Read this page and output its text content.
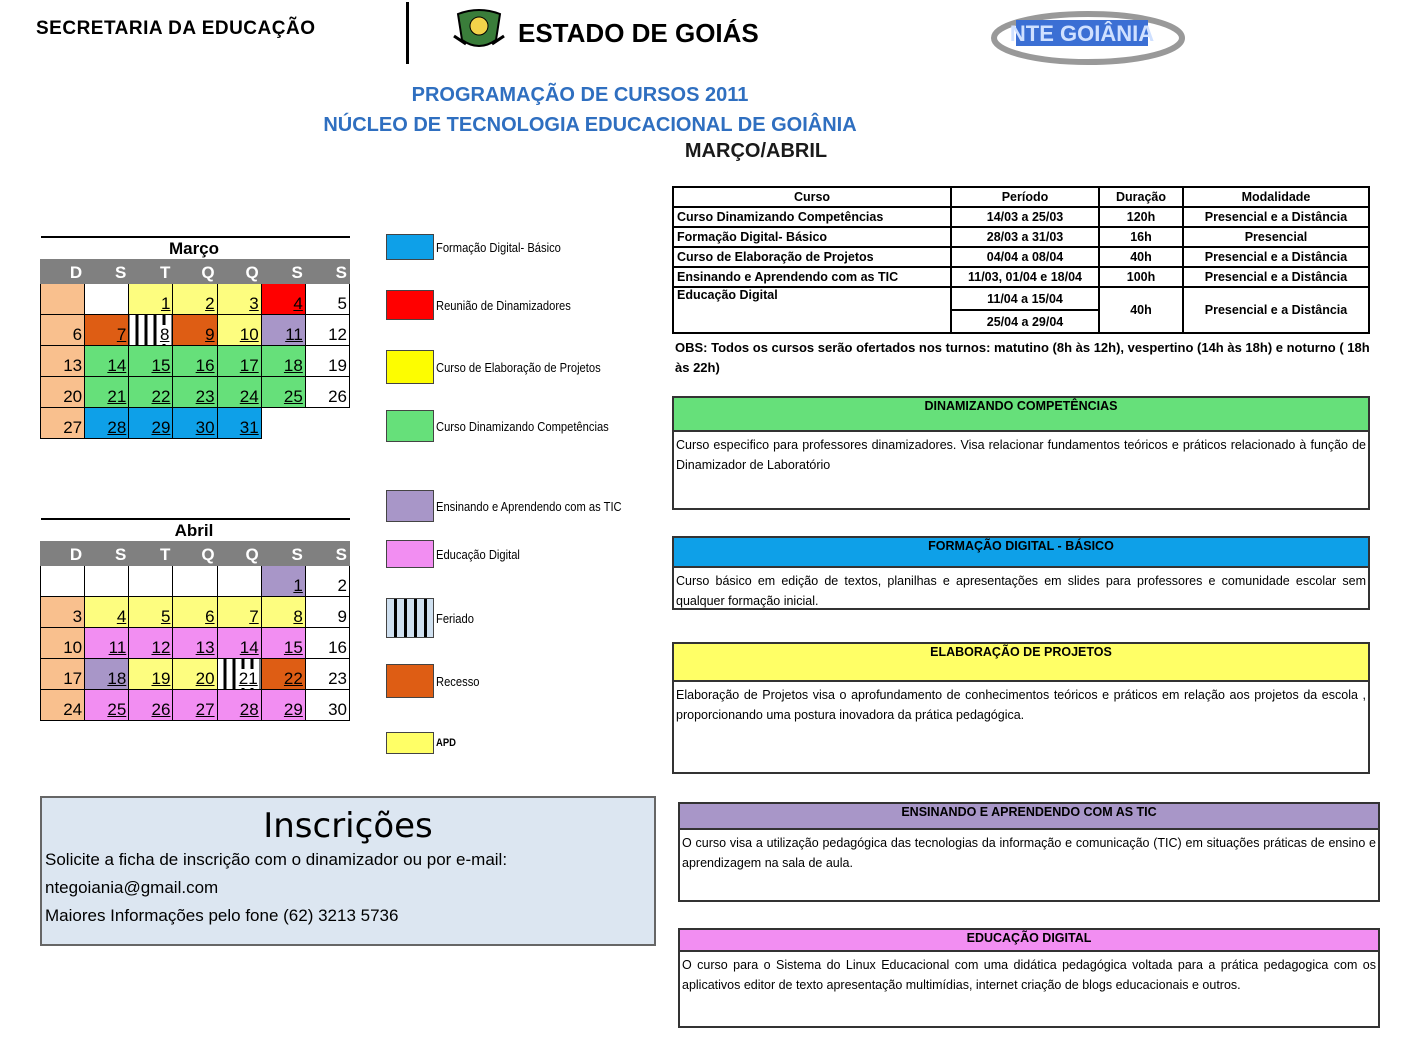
SECRETARIA DA EDUCAÇÃO	ESTADO DE GOIÁS	NTE GOIÂNIA
PROGRAMAÇÃO DE CURSOS 2011
NÚCLEO DE TECNOLOGIA EDUCACIONAL DE GOIÂNIA
MARÇO/ABRIL
Março						
D	S	T	Q	Q	S	S
		1	2	3	4	5
6	7	8	9	10	11	12
13	14	15	16	17	18	19
20	21	22	23	24	25	26
27	28	29	30	31		
Abril						
D	S	T	Q	Q	S	S
					1	2
3	4	5	6	7	8	9
10	11	12	13	14	15	16
17	18	19	20	21	22	23
24	25	26	27	28	29	30
Formação Digital- Básico
Reunião de Dinamizadores
Curso de Elaboração de Projetos
Curso Dinamizando Competências
Ensinando e Aprendendo com as TIC
Educação Digital
Feriado
Recesso
APD
Curso	Período	Duração	Modalidade
Curso Dinamizando Competências	14/03 a 25/03	120h	Presencial e a Distância
Formação Digital- Básico	28/03 a 31/03	16h	Presencial
Curso de Elaboração de Projetos	04/04 a 08/04	40h	Presencial e a Distância
Ensinando e Aprendendo com as TIC	11/03, 01/04 e 18/04	100h	Presencial e a Distância
Educação Digital	11/04 a 15/04	40h	Presencial e a Distância
	25/04 a 29/04		
OBS: Todos os cursos serão ofertados nos turnos: matutino (8h às 12h), vespertino (14h às 18h) e noturno ( 18h às 22h)
DINAMIZANDO COMPETÊNCIAS
Curso especifico para professores dinamizadores. Visa relacionar fundamentos teóricos e práticos relacionado à função de Dinamizador de Laboratório
FORMAÇÃO DIGITAL - BÁSICO
Curso básico em edição de textos, planilhas e apresentações em slides para professores e comunidade escolar sem qualquer formação inicial.
ELABORAÇÃO DE PROJETOS
Elaboração de Projetos visa o aprofundamento de conhecimentos teóricos e práticos em relação aos projetos da escola , proporcionando uma postura inovadora da prática pedagógica.
ENSINANDO E APRENDENDO COM AS TIC
O curso visa a utilização pedagógica das tecnologias da informação e comunicação (TIC) em situações práticas de ensino e aprendizagem na sala de aula.
EDUCAÇÃO DIGITAL
O curso para o Sistema do Linux Educacional com uma didática pedagógica voltada para a prática pedagogica com os aplicativos editor de texto apresentação multimídias, internet criação de blogs educacionais e outros.
Inscrições
Solicite a ficha de inscrição com o dinamizador ou por e-mail:
ntegoiania@gmail.com
Maiores Informações pelo fone (62) 3213 5736
